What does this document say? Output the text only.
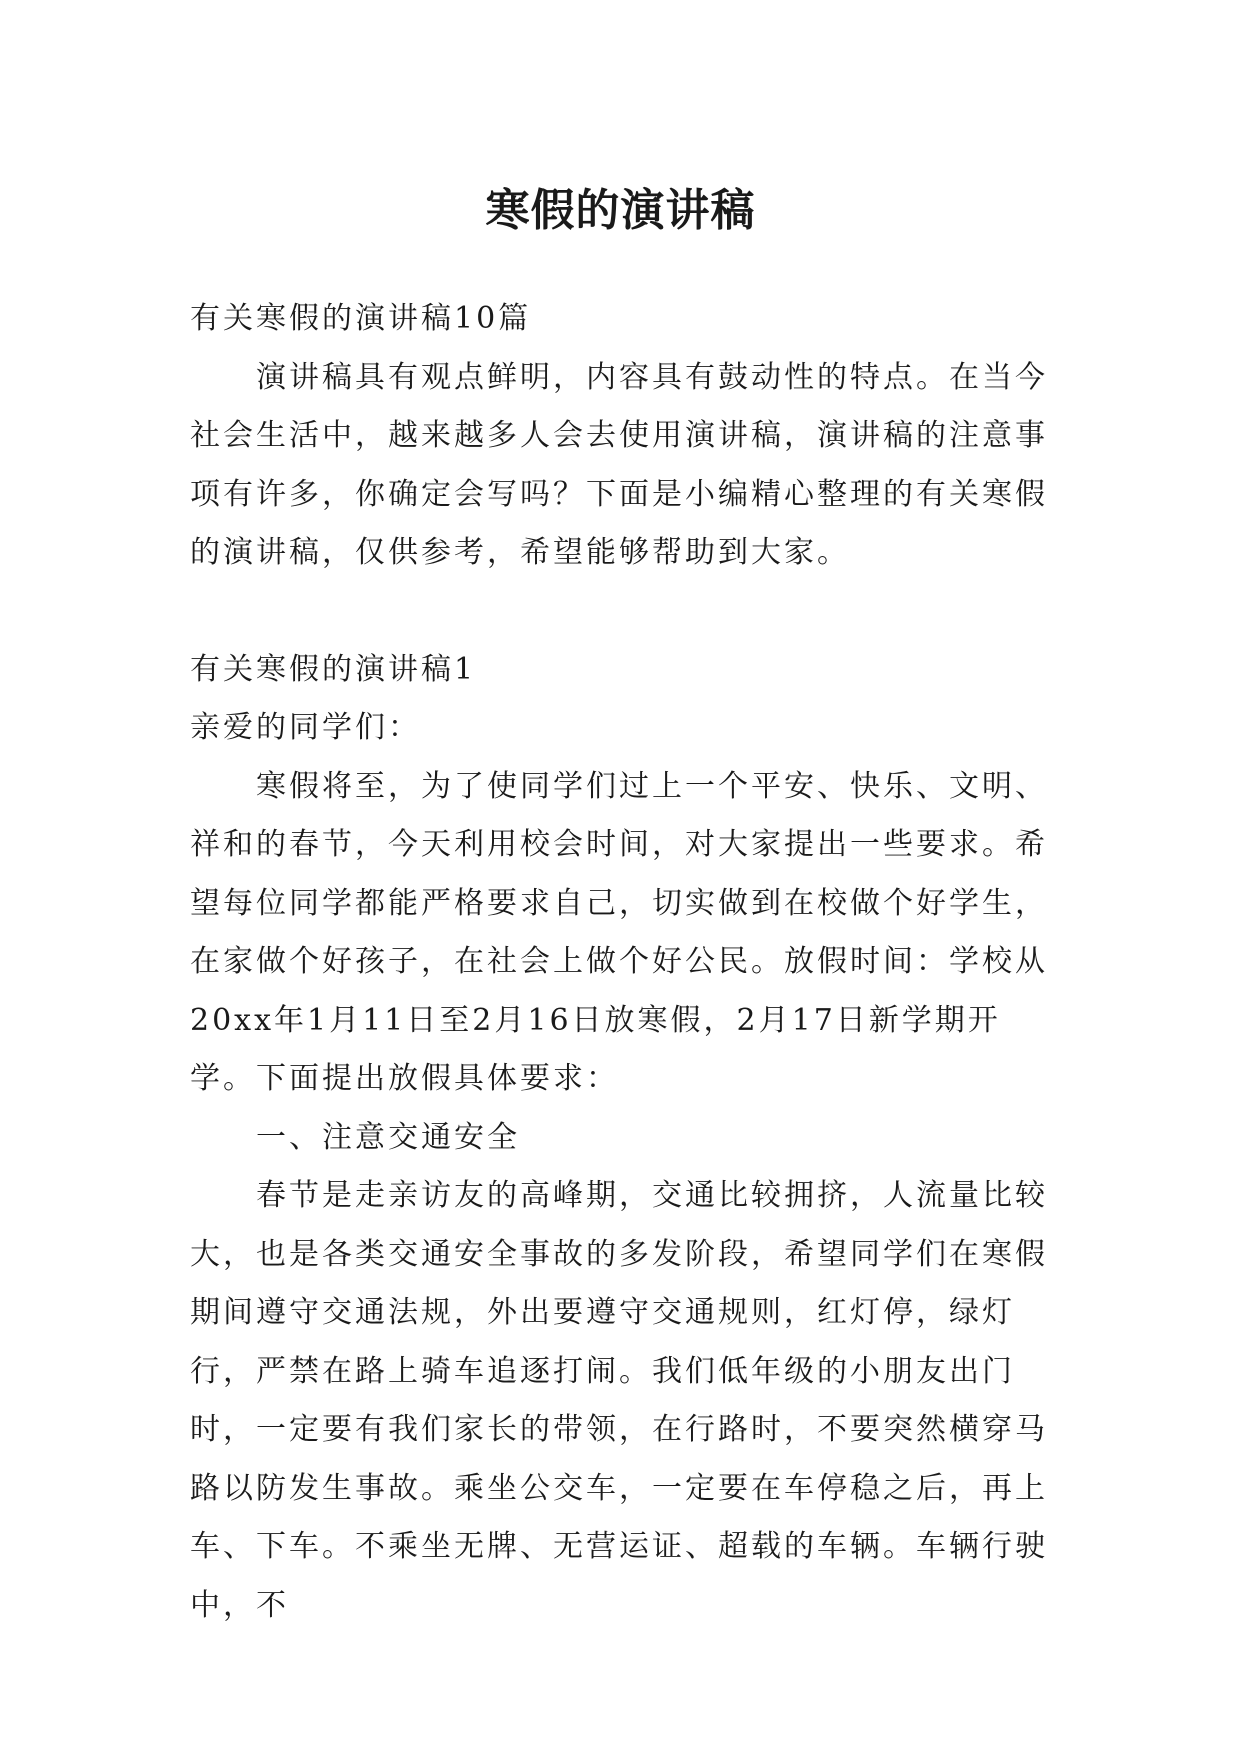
寒假的演讲稿

有关寒假的演讲稿10篇

演讲稿具有观点鲜明，内容具有鼓动性的特点。在当今社会生活中，越来越多人会去使用演讲稿，演讲稿的注意事项有许多，你确定会写吗？下面是小编精心整理的有关寒假的演讲稿，仅供参考，希望能够帮助到大家。

有关寒假的演讲稿1

亲爱的同学们：

寒假将至，为了使同学们过上一个平安、快乐、文明、祥和的春节，今天利用校会时间，对大家提出一些要求。希望每位同学都能严格要求自己，切实做到在校做个好学生，在家做个好孩子，在社会上做个好公民。放假时间：学校从20xx年1月11日至2月16日放寒假，2月17日新学期开学。下面提出放假具体要求：

一、注意交通安全

春节是走亲访友的高峰期，交通比较拥挤，人流量比较大，也是各类交通安全事故的多发阶段，希望同学们在寒假期间遵守交通法规，外出要遵守交通规则，红灯停，绿灯行，严禁在路上骑车追逐打闹。我们低年级的小朋友出门时，一定要有我们家长的带领，在行路时，不要突然横穿马路以防发生事故。乘坐公交车，一定要在车停稳之后，再上车、下车。不乘坐无牌、无营运证、超载的车辆。车辆行驶中，不
